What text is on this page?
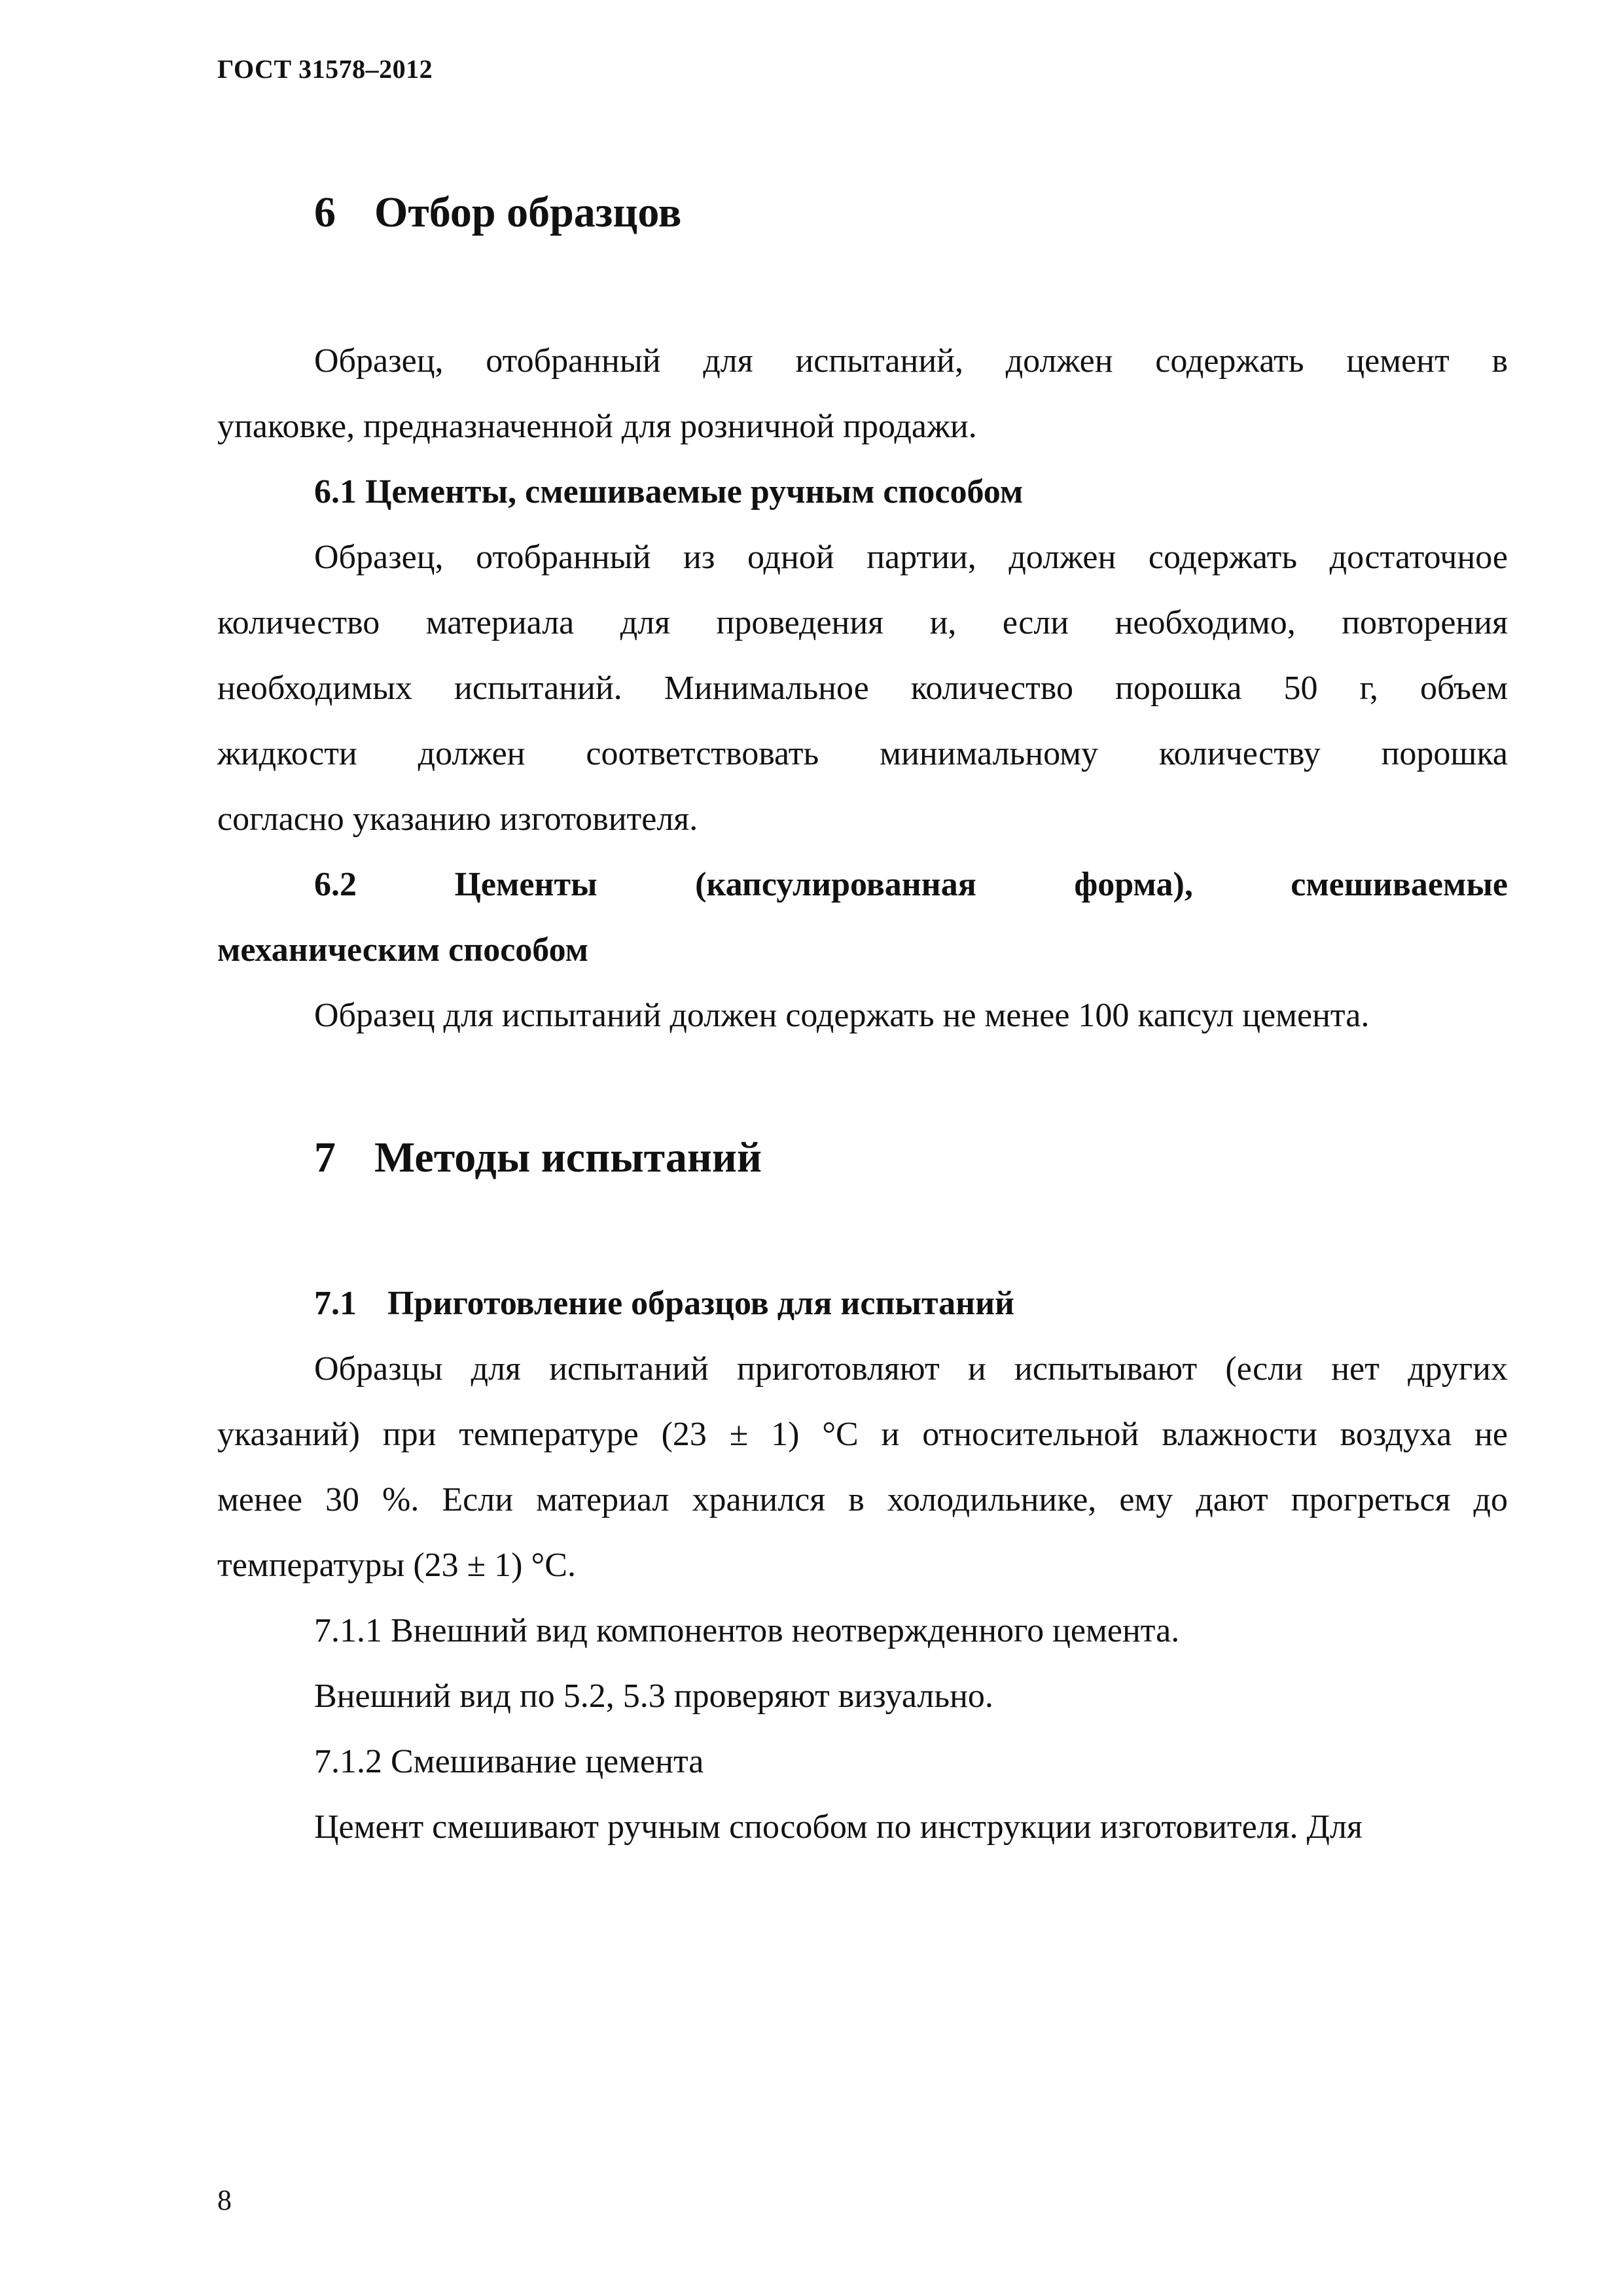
ГОСТ 31578–2012
6 Отбор образцов
Образец, отобранный для испытаний, должен содержать цемент в
упаковке, предназначенной для розничной продажи.
6.1 Цементы, смешиваемые ручным способом
Образец, отобранный из одной партии, должен содержать достаточное
количество материала для проведения и, если необходимо, повторения
необходимых испытаний. Минимальное количество порошка 50 г, объем
жидкости должен соответствовать минимальному количеству порошка
согласно указанию изготовителя.
6.2 Цементы (капсулированная форма), смешиваемые
механическим способом
Образец для испытаний должен содержать не менее 100 капсул цемента.
7 Методы испытаний
7.1 Приготовление образцов для испытаний
Образцы для испытаний приготовляют и испытывают (если нет других
указаний) при температуре (23 ± 1) °С и относительной влажности воздуха не
менее 30 %. Если материал хранился в холодильнике, ему дают прогреться до
температуры (23 ± 1) °С.
7.1.1 Внешний вид компонентов неотвержденного цемента.
Внешний вид по 5.2, 5.3 проверяют визуально.
7.1.2 Смешивание цемента
Цемент смешивают ручным способом по инструкции изготовителя. Для
8
